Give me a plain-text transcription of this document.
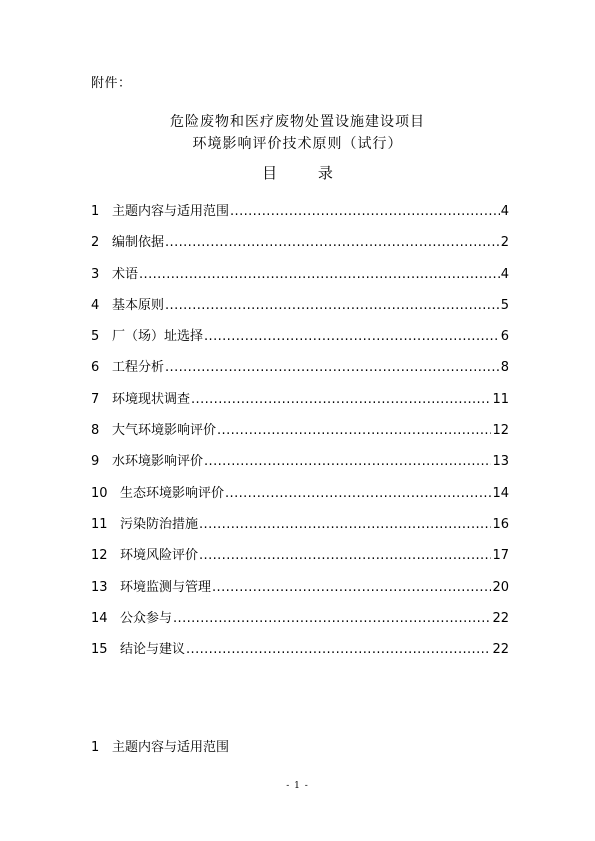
附件：
危险废物和医疗废物处置设施建设项目
环境影响评价技术原则（试行）
目 录
1 主题内容与适用范围 .....	4
2 编制依据 .....	2
3 术语 .....	4
4 基本原则 .....	5
5 厂（场）址选择 .....	6
6 工程分析 .....	8
7 环境现状调查 .....	11
8 大气环境影响评价 .....	12
9 水环境影响评价 .....	13
10 生态环境影响评价 .....	14
11 污染防治措施 .....	16
12 环境风险评价 .....	17
13 环境监测与管理 .....	20
14 公众参与 .....	22
15 结论与建议 .....	22
1 主题内容与适用范围
- 1 -
